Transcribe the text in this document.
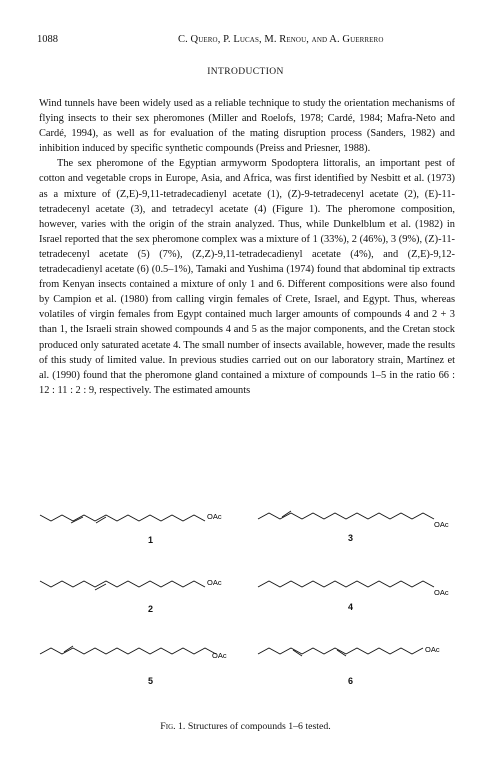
1088	C. Quero, P. Lucas, M. Renou, and A. Guerrero
INTRODUCTION

Wind tunnels have been widely used as a reliable technique to study the orientation mechanisms of flying insects to their sex pheromones (Miller and Roelofs, 1978; Cardé, 1984; Mafra-Neto and Cardé, 1994), as well as for evaluation of the mating disruption process (Sanders, 1982) and inhibition induced by specific synthetic compounds (Preiss and Priesner, 1988).

The sex pheromone of the Egyptian armyworm Spodoptera littoralis, an important pest of cotton and vegetable crops in Europe, Asia, and Africa, was first identified by Nesbitt et al. (1973) as a mixture of (Z,E)-9,11-tetradecadienyl acetate (1), (Z)-9-tetradecenyl acetate (2), (E)-11-tetradecenyl acetate (3), and tetradecyl acetate (4) (Figure 1). The pheromone composition, however, varies with the origin of the strain analyzed. Thus, while Dunkelblum et al. (1982) in Israel reported that the sex pheromone complex was a mixture of 1 (33%), 2 (46%), 3 (9%), (Z)-11-tetradecenyl acetate (5) (7%), (Z,Z)-9,11-tetradecadienyl acetate (4%), and (Z,E)-9,12-tetradecadienyl acetate (6) (0.5–1%), Tamaki and Yushima (1974) found that abdominal tip extracts from Kenyan insects contained a mixture of only 1 and 6. Different compositions were also found by Campion et al. (1980) from calling virgin females of Crete, Israel, and Egypt. Thus, whereas volatiles of virgin females from Egypt contained much larger amounts of compounds 4 and 2 + 3 than 1, the Israeli strain showed compounds 4 and 5 as the major components, and the Cretan stock produced only saturated acetate 4. The small number of insects available, however, made the results of this study of limited value. In previous studies carried out on our laboratory strain, Martínez et al. (1990) found that the pheromone gland contained a mixture of compounds 1–5 in the ratio 66 : 12 : 11 : 2 : 9, respectively. The estimated amounts

OAc
1
OAc
3
OAc
2
OAc
4
OAc
5
OAc
6
Fig. 1. Structures of compounds 1–6 tested.
